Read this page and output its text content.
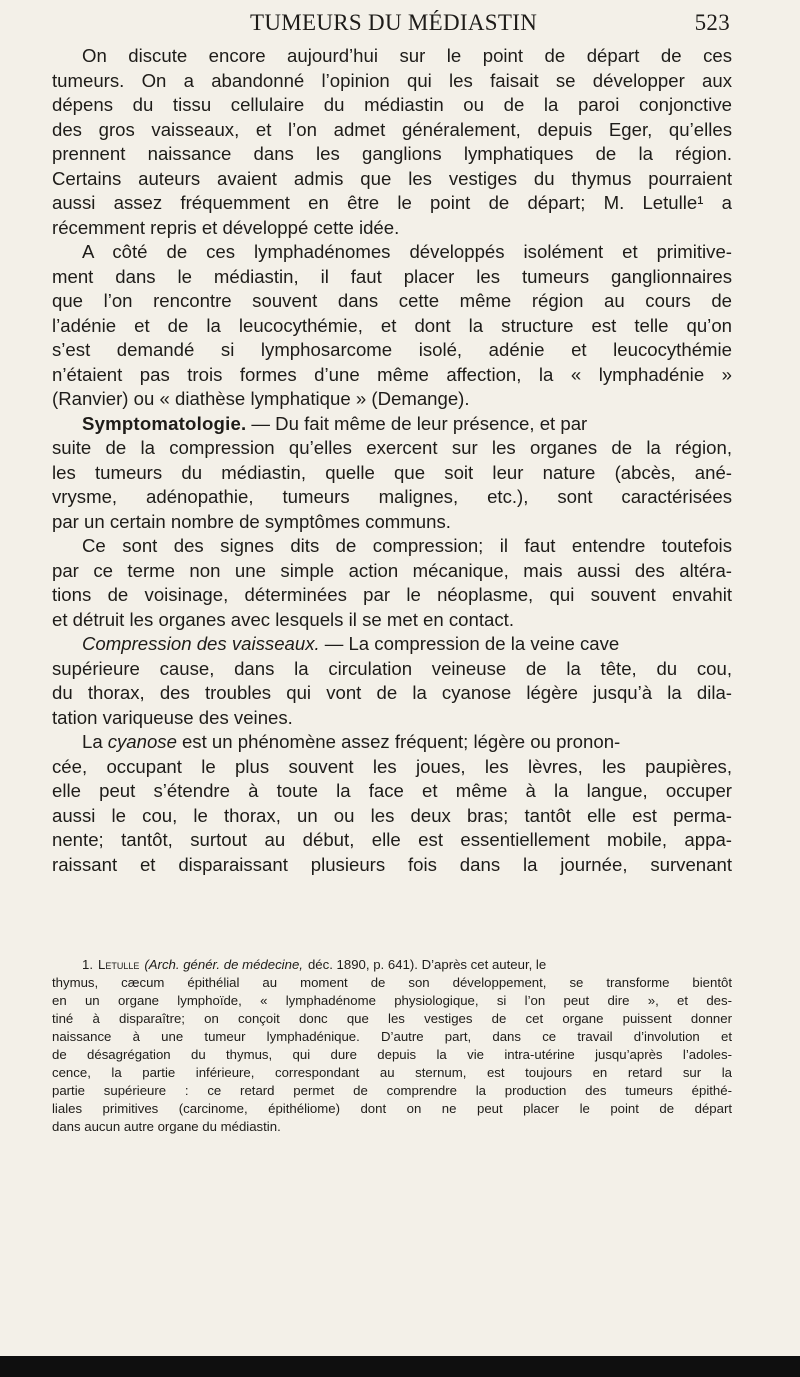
TUMEURS DU MÉDIASTIN	523
On discute encore aujourd’hui sur le point de départ de ces
tumeurs. On a abandonné l’opinion qui les faisait se développer aux
dépens du tissu cellulaire du médiastin ou de la paroi conjonctive
des gros vaisseaux, et l’on admet généralement, depuis Eger, qu’elles
prennent naissance dans les ganglions lymphatiques de la région.
Certains auteurs avaient admis que les vestiges du thymus pourraient
aussi assez fréquemment en être le point de départ; M. Letulle¹ a
récemment repris et développé cette idée.
A côté de ces lymphadénomes développés isolément et primitive-
ment dans le médiastin, il faut placer les tumeurs ganglionnaires
que l’on rencontre souvent dans cette même région au cours de
l’adénie et de la leucocythémie, et dont la structure est telle qu’on
s’est demandé si lymphosarcome isolé, adénie et leucocythémie
n’étaient pas trois formes d’une même affection, la « lymphadénie »
(Ranvier) ou « diathèse lymphatique » (Demange).
Symptomatologie. — Du fait même de leur présence, et par
suite de la compression qu’elles exercent sur les organes de la région,
les tumeurs du médiastin, quelle que soit leur nature (abcès, ané-
vrysme, adénopathie, tumeurs malignes, etc.), sont caractérisées
par un certain nombre de symptômes communs.
Ce sont des signes dits de compression; il faut entendre toutefois
par ce terme non une simple action mécanique, mais aussi des altéra-
tions de voisinage, déterminées par le néoplasme, qui souvent envahit
et détruit les organes avec lesquels il se met en contact.
Compression des vaisseaux. — La compression de la veine cave
supérieure cause, dans la circulation veineuse de la tête, du cou,
du thorax, des troubles qui vont de la cyanose légère jusqu’à la dila-
tation variqueuse des veines.
La cyanose est un phénomène assez fréquent; légère ou pronon-
cée, occupant le plus souvent les joues, les lèvres, les paupières,
elle peut s’étendre à toute la face et même à la langue, occuper
aussi le cou, le thorax, un ou les deux bras; tantôt elle est perma-
nente; tantôt, surtout au début, elle est essentiellement mobile, appa-
raissant et disparaissant plusieurs fois dans la journée, survenant
1. Letulle (Arch. génér. de médecine, déc. 1890, p. 641). D’après cet auteur, le
thymus, cæcum épithélial au moment de son développement, se transforme bientôt
en un organe lymphoïde, « lymphadénome physiologique, si l’on peut dire », et des-
tiné à disparaître; on conçoit donc que les vestiges de cet organe puissent donner
naissance à une tumeur lymphadénique. D’autre part, dans ce travail d’involution et
de désagrégation du thymus, qui dure depuis la vie intra-utérine jusqu’après l’adoles-
cence, la partie inférieure, correspondant au sternum, est toujours en retard sur la
partie supérieure : ce retard permet de comprendre la production des tumeurs épithé-
liales primitives (carcinome, épithéliome) dont on ne peut placer le point de départ
dans aucun autre organe du médiastin.
